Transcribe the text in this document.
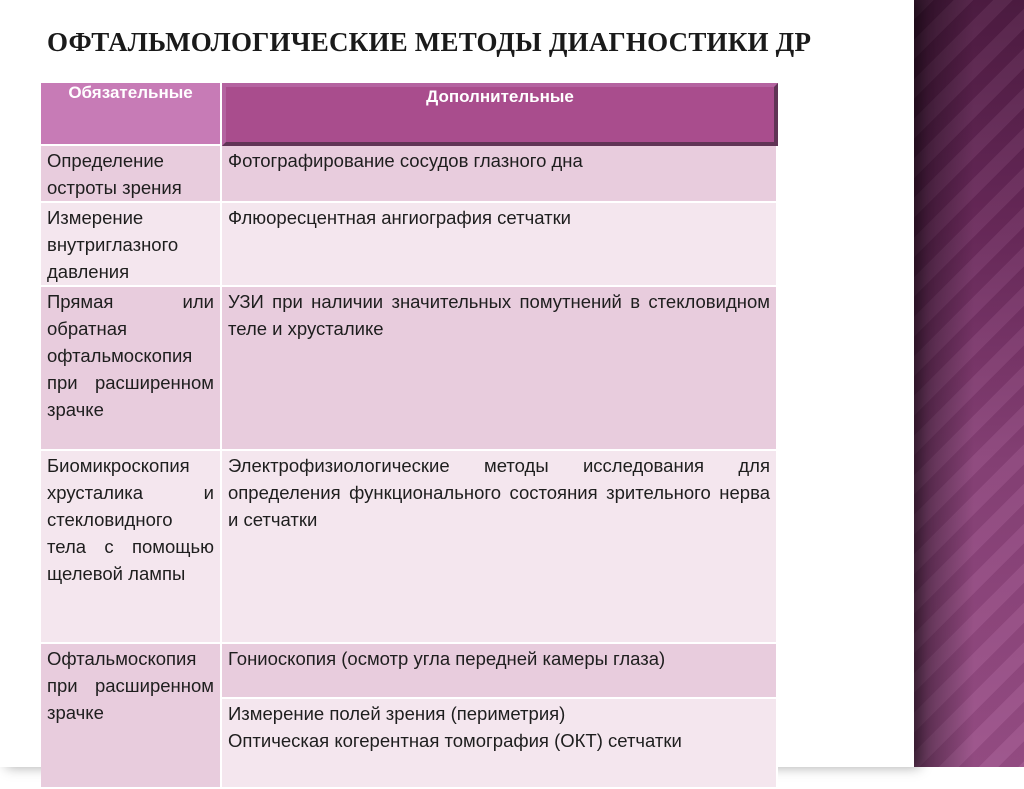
ОФТАЛЬМОЛОГИЧЕСКИЕ МЕТОДЫ ДИАГНОСТИКИ ДР
Обязательные	Дополнительные
Определение остроты зрения	Фотографирование сосудов глазного дна
Измерение внутриглазного давления	Флюоресцентная ангиография сетчатки
Прямая или обратная офтальмоскопия при расширенном зрачке	УЗИ при наличии значительных помутнений в стекловидном теле и хрусталике
Биомикроскопия хрусталика и стекловидного тела с помощью щелевой лампы	Электрофизиологические методы исследования для определения функционального состояния зрительного нерва и сетчатки
Офтальмоскопия при расширенном зрачке	Гониоскопия (осмотр угла передней камеры глаза)

	Измерение полей зрения (периметрия)
Оптическая когерентная томография (ОКТ) сетчатки
